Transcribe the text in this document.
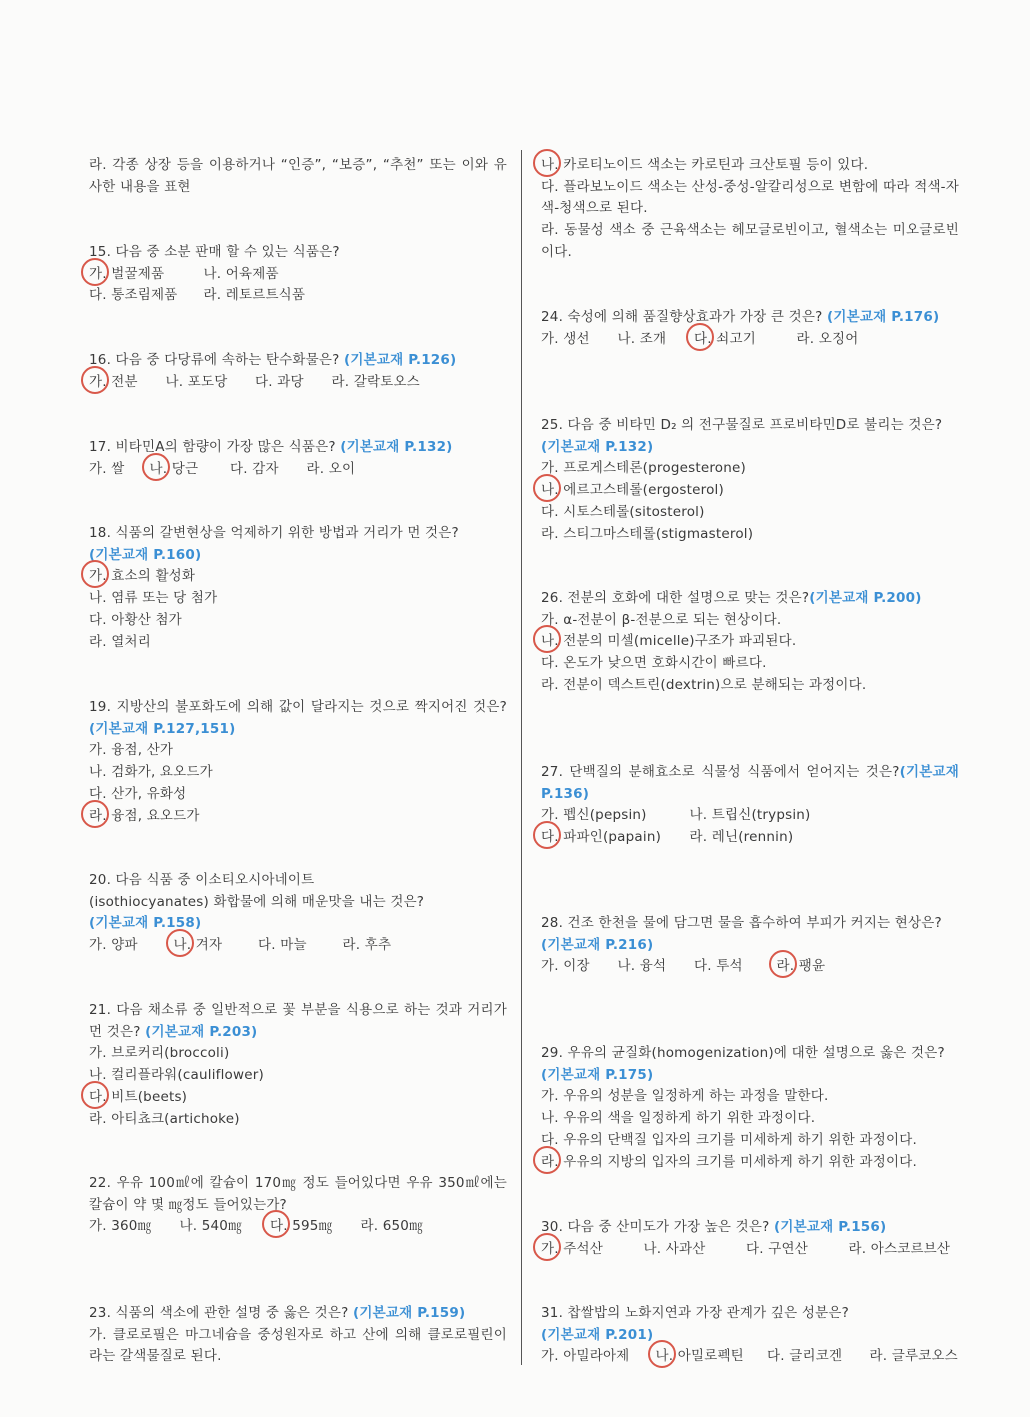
라. 각종 상장 등을 이용하거나 “인증”, “보증”, “추천” 또는 이와 유사한 내용을 표현
15. 다음 중 소분 판매 할 수 있는 식품은?
가. 벌꿀제품	나. 어육제품
다. 통조림제품 라. 레토르트식품
16. 다음 중 다당류에 속하는 탄수화물은? (기본교재 P.126)
가. 전분 나. 포도당 다. 과당 라. 갈락토오스
17. 비타민A의 함량이 가장 많은 식품은? (기본교재 P.132)
가. 쌀 나. 당근 다. 감자 라. 오이
18. 식품의 갈변현상을 억제하기 위한 방법과 거리가 먼 것은?
(기본교재 P.160)
가. 효소의 활성화
나. 염류 또는 당 첨가
다. 아황산 첨가
라. 열처리
19. 지방산의 불포화도에 의해 값이 달라지는 것으로 짝지어진 것은? (기본교재 P.127,151)
가. 융점, 산가
나. 검화가, 요오드가
다. 산가, 유화성
라. 융점, 요오드가
20. 다음 식품 중 이소티오시아네이트
(isothiocyanates) 화합물에 의해 매운맛을 내는 것은?
(기본교재 P.158)
가. 양파	나. 겨자	다. 마늘	라. 후추
21. 다음 채소류 중 일반적으로 꽃 부분을 식용으로 하는 것과 거리가 먼 것은? (기본교재 P.203)
가. 브로커리(broccoli)
나. 컬리플라워(cauliflower)
다. 비트(beets)
라. 아티쵸크(artichoke)
22. 우유 100㎖에 칼슘이 170㎎ 정도 들어있다면 우유 350㎖에는 칼슘이 약 몇 ㎎정도 들어있는가?
가. 360㎎ 나. 540㎎ 다. 595㎎ 라. 650㎎
23. 식품의 색소에 관한 설명 중 옳은 것은? (기본교재 P.159)
가. 클로로필은 마그네슘을 중성원자로 하고 산에 의해 클로로필린이라는 갈색물질로 된다.
나. 카로티노이드 색소는 카로틴과 크산토필 등이 있다.
다. 플라보노이드 색소는 산성-중성-알칼리성으로 변함에 따라 적색-자색-청색으로 된다.
라. 동물성 색소 중 근육색소는 헤모글로빈이고, 혈색소는 미오글로빈이다.
24. 숙성에 의해 품질향상효과가 가장 큰 것은? (기본교재 P.176)
가. 생선 나. 조개 다. 쇠고기	라. 오징어
25. 다음 중 비타민 D₂ 의 전구물질로 프로비타민D로 불리는 것은?
(기본교재 P.132)
가. 프로게스테론(progesterone)
나. 에르고스테롤(ergosterol)
다. 시토스테롤(sitosterol)
라. 스티그마스테롤(stigmasterol)
26. 전분의 호화에 대한 설명으로 맞는 것은?(기본교재 P.200)
가. α-전분이 β-전분으로 되는 현상이다.
나. 전분의 미셀(micelle)구조가 파괴된다.
다. 온도가 낮으면 호화시간이 빠르다.
라. 전분이 덱스트린(dextrin)으로 분해되는 과정이다.
27. 단백질의 분해효소로 식물성 식품에서 얻어지는 것은?(기본교재 P.136)
가. 펩신(pepsin)	나. 트립신(trypsin)
다. 파파인(papain) 라. 레닌(rennin)
28. 건조 한천을 물에 담그면 물을 흡수하여 부피가 커지는 현상은?
(기본교재 P.216)
가. 이장 나. 융석 다. 투석	라. 팽윤
29. 우유의 균질화(homogenization)에 대한 설명으로 옳은 것은?
(기본교재 P.175)
가. 우유의 성분을 일정하게 하는 과정을 말한다.
나. 우유의 색을 일정하게 하기 위한 과정이다.
다. 우유의 단백질 입자의 크기를 미세하게 하기 위한 과정이다.
라. 우유의 지방의 입자의 크기를 미세하게 하기 위한 과정이다.
30. 다음 중 산미도가 가장 높은 것은? (기본교재 P.156)
가. 주석산	나. 사과산	다. 구연산	라. 아스코르브산
31. 찹쌀밥의 노화지연과 가장 관계가 깊은 성분은?
(기본교재 P.201)
가. 아밀라아제 나. 아밀로펙틴 다. 글리코겐 라. 글루코오스
